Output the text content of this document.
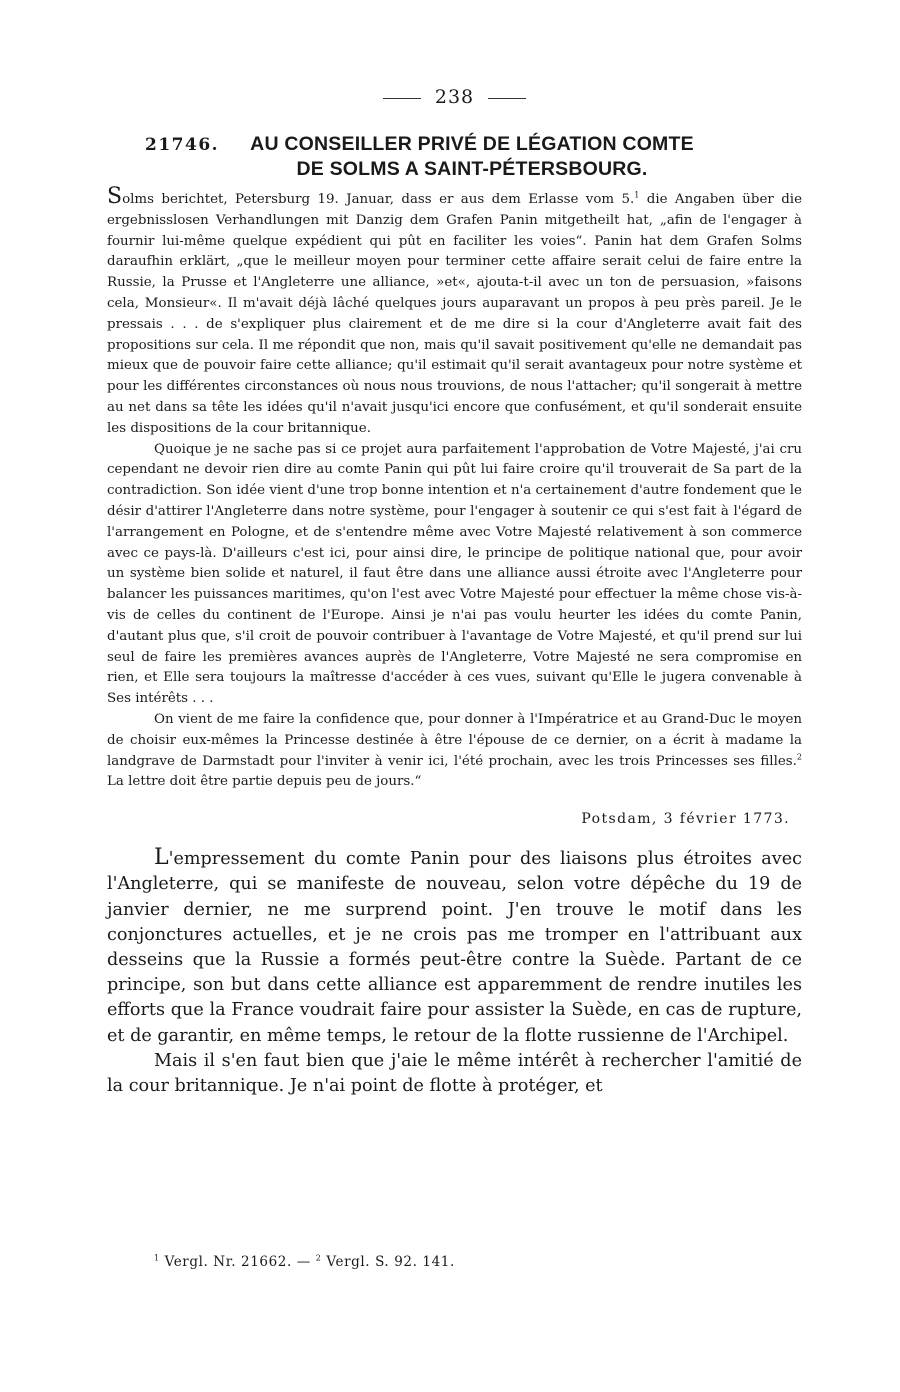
238
21746.	AU CONSEILLER PRIVÉ DE LÉGATION COMTE
DE SOLMS A SAINT-PÉTERSBOURG.

Solms berichtet, Petersburg 19. Januar, dass er aus dem Erlasse vom 5.$^1$ die Angaben über die ergebnisslosen Verhandlungen mit Danzig dem Grafen Panin mitgetheilt hat, „afin de l'engager à fournir lui-même quelque expédient qui pût en faciliter les voies“. Panin hat dem Grafen Solms daraufhin erklärt, „que le meilleur moyen pour terminer cette affaire serait celui de faire entre la Russie, la Prusse et l'Angleterre une alliance, »et«, ajouta-t-il avec un ton de persuasion, »faisons cela, Monsieur«. Il m'avait déjà lâché quelques jours auparavant un propos à peu près pareil. Je le pressais . . . de s'expliquer plus clairement et de me dire si la cour d'Angleterre avait fait des propositions sur cela. Il me répondit que non, mais qu'il savait positivement qu'elle ne demandait pas mieux que de pouvoir faire cette alliance; qu'il estimait qu'il serait avantageux pour notre système et pour les différentes circonstances où nous nous trouvions, de nous l'attacher; qu'il songerait à mettre au net dans sa tête les idées qu'il n'avait jusqu'ici encore que confusément, et qu'il sonderait ensuite les dispositions de la cour britannique.

Quoique je ne sache pas si ce projet aura parfaitement l'approbation de Votre Majesté, j'ai cru cependant ne devoir rien dire au comte Panin qui pût lui faire croire qu'il trouverait de Sa part de la contradiction. Son idée vient d'une trop bonne intention et n'a certainement d'autre fondement que le désir d'attirer l'Angleterre dans notre système, pour l'engager à soutenir ce qui s'est fait à l'égard de l'arrangement en Pologne, et de s'entendre même avec Votre Majesté relativement à son commerce avec ce pays-là. D'ailleurs c'est ici, pour ainsi dire, le principe de politique national que, pour avoir un système bien solide et naturel, il faut être dans une alliance aussi étroite avec l'Angleterre pour balancer les puissances maritimes, qu'on l'est avec Votre Majesté pour effectuer la même chose vis-à-vis de celles du continent de l'Europe. Ainsi je n'ai pas voulu heurter les idées du comte Panin, d'autant plus que, s'il croit de pouvoir contribuer à l'avantage de Votre Majesté, et qu'il prend sur lui seul de faire les premières avances auprès de l'Angleterre, Votre Majesté ne sera compromise en rien, et Elle sera toujours la maîtresse d'accéder à ces vues, suivant qu'Elle le jugera convenable à Ses intérêts . . .

On vient de me faire la confidence que, pour donner à l'Impératrice et au Grand-Duc le moyen de choisir eux-mêmes la Princesse destinée à être l'épouse de ce dernier, on a écrit à madame la landgrave de Darmstadt pour l'inviter à venir ici, l'été prochain, avec les trois Princesses ses filles.$^2$ La lettre doit être partie depuis peu de jours.“

Potsdam, 3 février 1773.

L'empressement du comte Panin pour des liaisons plus étroites avec l'Angleterre, qui se manifeste de nouveau, selon votre dépêche du 19 de janvier dernier, ne me surprend point. J'en trouve le motif dans les conjonctures actuelles, et je ne crois pas me tromper en l'attribuant aux desseins que la Russie a formés peut-être contre la Suède. Partant de ce principe, son but dans cette alliance est apparemment de rendre inutiles les efforts que la France voudrait faire pour assister la Suède, en cas de rupture, et de garantir, en même temps, le retour de la flotte russienne de l'Archipel.

Mais il s'en faut bien que j'aie le même intérêt à rechercher l'amitié de la cour britannique. Je n'ai point de flotte à protéger, et

$^1$ Vergl. Nr. 21662. — $^2$ Vergl. S. 92. 141.
